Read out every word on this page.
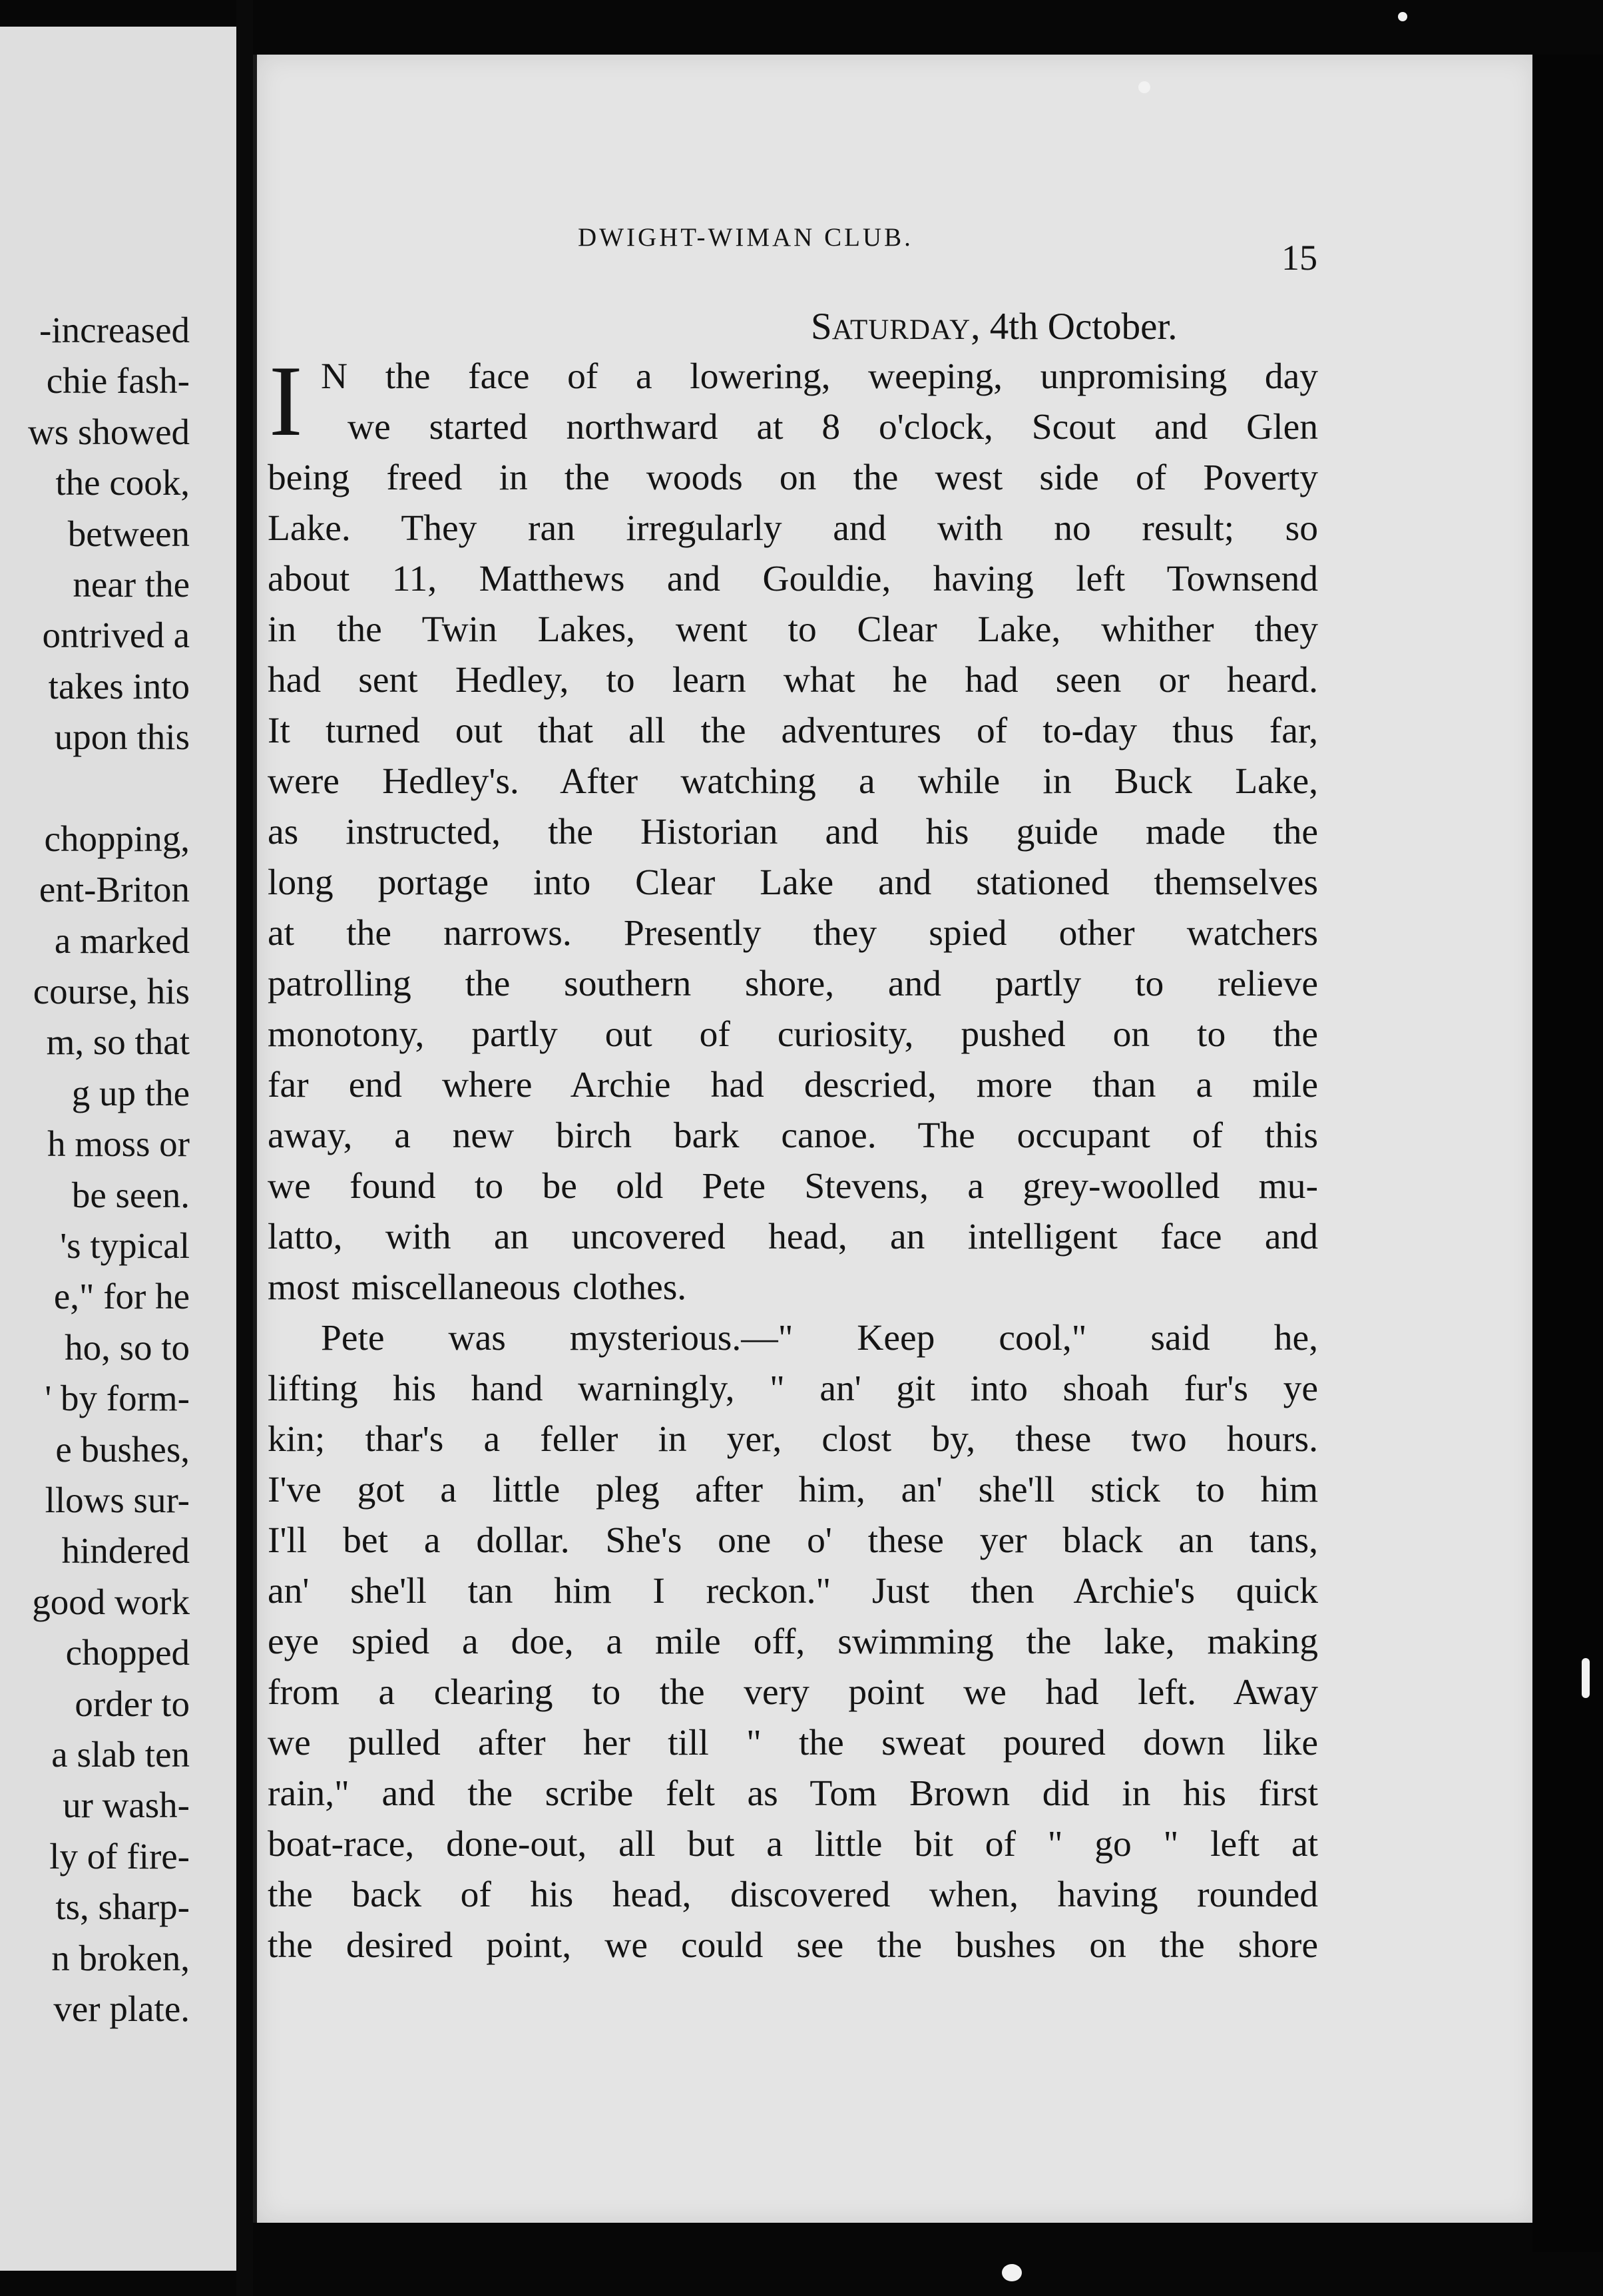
-increased
chie fash-
ws showed
the cook,
between
near the
ontrived a
takes into
upon this
chopping,
ent-Briton
a marked
course, his
m, so that
g up the
h moss or
be seen.
's typical
e," for he
ho, so to
' by form-
e bushes,
llows sur-
hindered
good work
chopped
order to
a slab ten
ur wash-
ly of fire-
ts, sharp-
n broken,
ver plate.
DWIGHT-WIMAN CLUB.
15
SATURDAY, 4th October.
I N the face of a lowering, weeping, unpromising day
we started northward at 8 o'clock, Scout and Glen
being freed in the woods on the west side of Poverty
Lake. They ran irregularly and with no result; so
about 11, Matthews and Gouldie, having left Townsend
in the Twin Lakes, went to Clear Lake, whither they
had sent Hedley, to learn what he had seen or heard.
It turned out that all the adventures of to-day thus far,
were Hedley's. After watching a while in Buck Lake,
as instructed, the Historian and his guide made the
long portage into Clear Lake and stationed themselves
at the narrows. Presently they spied other watchers
patrolling the southern shore, and partly to relieve
monotony, partly out of curiosity, pushed on to the
far end where Archie had descried, more than a mile
away, a new birch bark canoe. The occupant of this
we found to be old Pete Stevens, a grey-woolled mu-
latto, with an uncovered head, an intelligent face and
most miscellaneous clothes.
Pete was mysterious.—" Keep cool," said he,
lifting his hand warningly, " an' git into shoah fur's ye
kin; thar's a feller in yer, clost by, these two hours.
I've got a little pleg after him, an' she'll stick to him
I'll bet a dollar. She's one o' these yer black an tans,
an' she'll tan him I reckon." Just then Archie's quick
eye spied a doe, a mile off, swimming the lake, making
from a clearing to the very point we had left. Away
we pulled after her till " the sweat poured down like
rain," and the scribe felt as Tom Brown did in his first
boat-race, done-out, all but a little bit of " go " left at
the back of his head, discovered when, having rounded
the desired point, we could see the bushes on the shore
